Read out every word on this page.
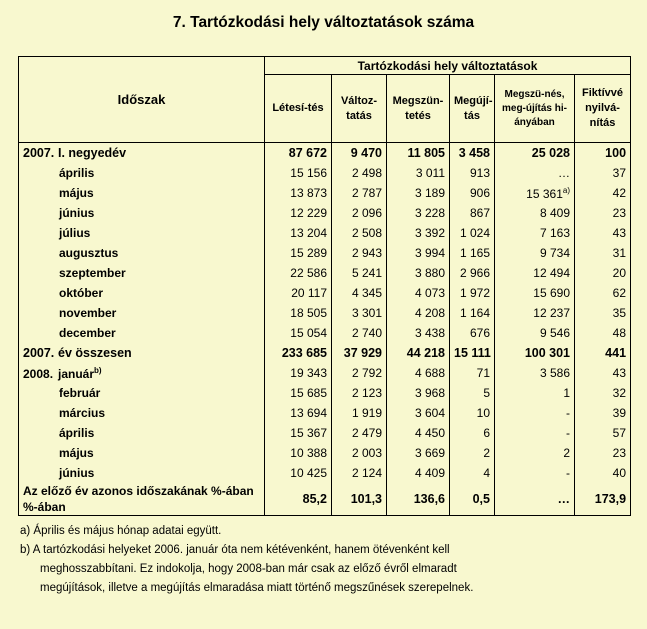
7. Tartózkodási hely változtatások száma
Időszak	Tartózkodási hely változtatások					
	Létesí-tés	Változ-tatás	Megszün-tetés	Megújí-tás	Megszü-nés, meg-újítás hi-ányában	Fiktívvé nyilvá-nítás
2007. I. negyedév	87 672	9 470	11 805	3 458	25 028	100
április	15 156	2 498	3 011	913	…	37
május	13 873	2 787	3 189	906	15 361$^{a)}$	42
június	12 229	2 096	3 228	867	8 409	23
július	13 204	2 508	3 392	1 024	7 163	43
augusztus	15 289	2 943	3 994	1 165	9 734	31
szeptember	22 586	5 241	3 880	2 966	12 494	20
október	20 117	4 345	4 073	1 972	15 690	62
november	18 505	3 301	4 208	1 164	12 237	35
december	15 054	2 740	3 438	676	9 546	48
2007. év összesen	233 685	37 929	44 218	15 111	100 301	441
2008. január$^{b)}$	19 343	2 792	4 688	71	3 586	43
február	15 685	2 123	3 968	5	1	32
március	13 694	1 919	3 604	10	-	39
április	15 367	2 479	4 450	6	-	57
május	10 388	2 003	3 669	2	2	23
június	10 425	2 124	4 409	4	-	40
Az előző év azonos időszakának %-ában %-ában	85,2	101,3	136,6	0,5	…	173,9
a) Április és május hónap adatai együtt.
b) A tartózkodási helyeket 2006. január óta nem kétévenként, hanem ötévenként kell
meghosszabbítani. Ez indokolja, hogy 2008-ban már csak az előző évről elmaradt
megújítások, illetve a megújítás elmaradása miatt történő megszűnések szerepelnek.
